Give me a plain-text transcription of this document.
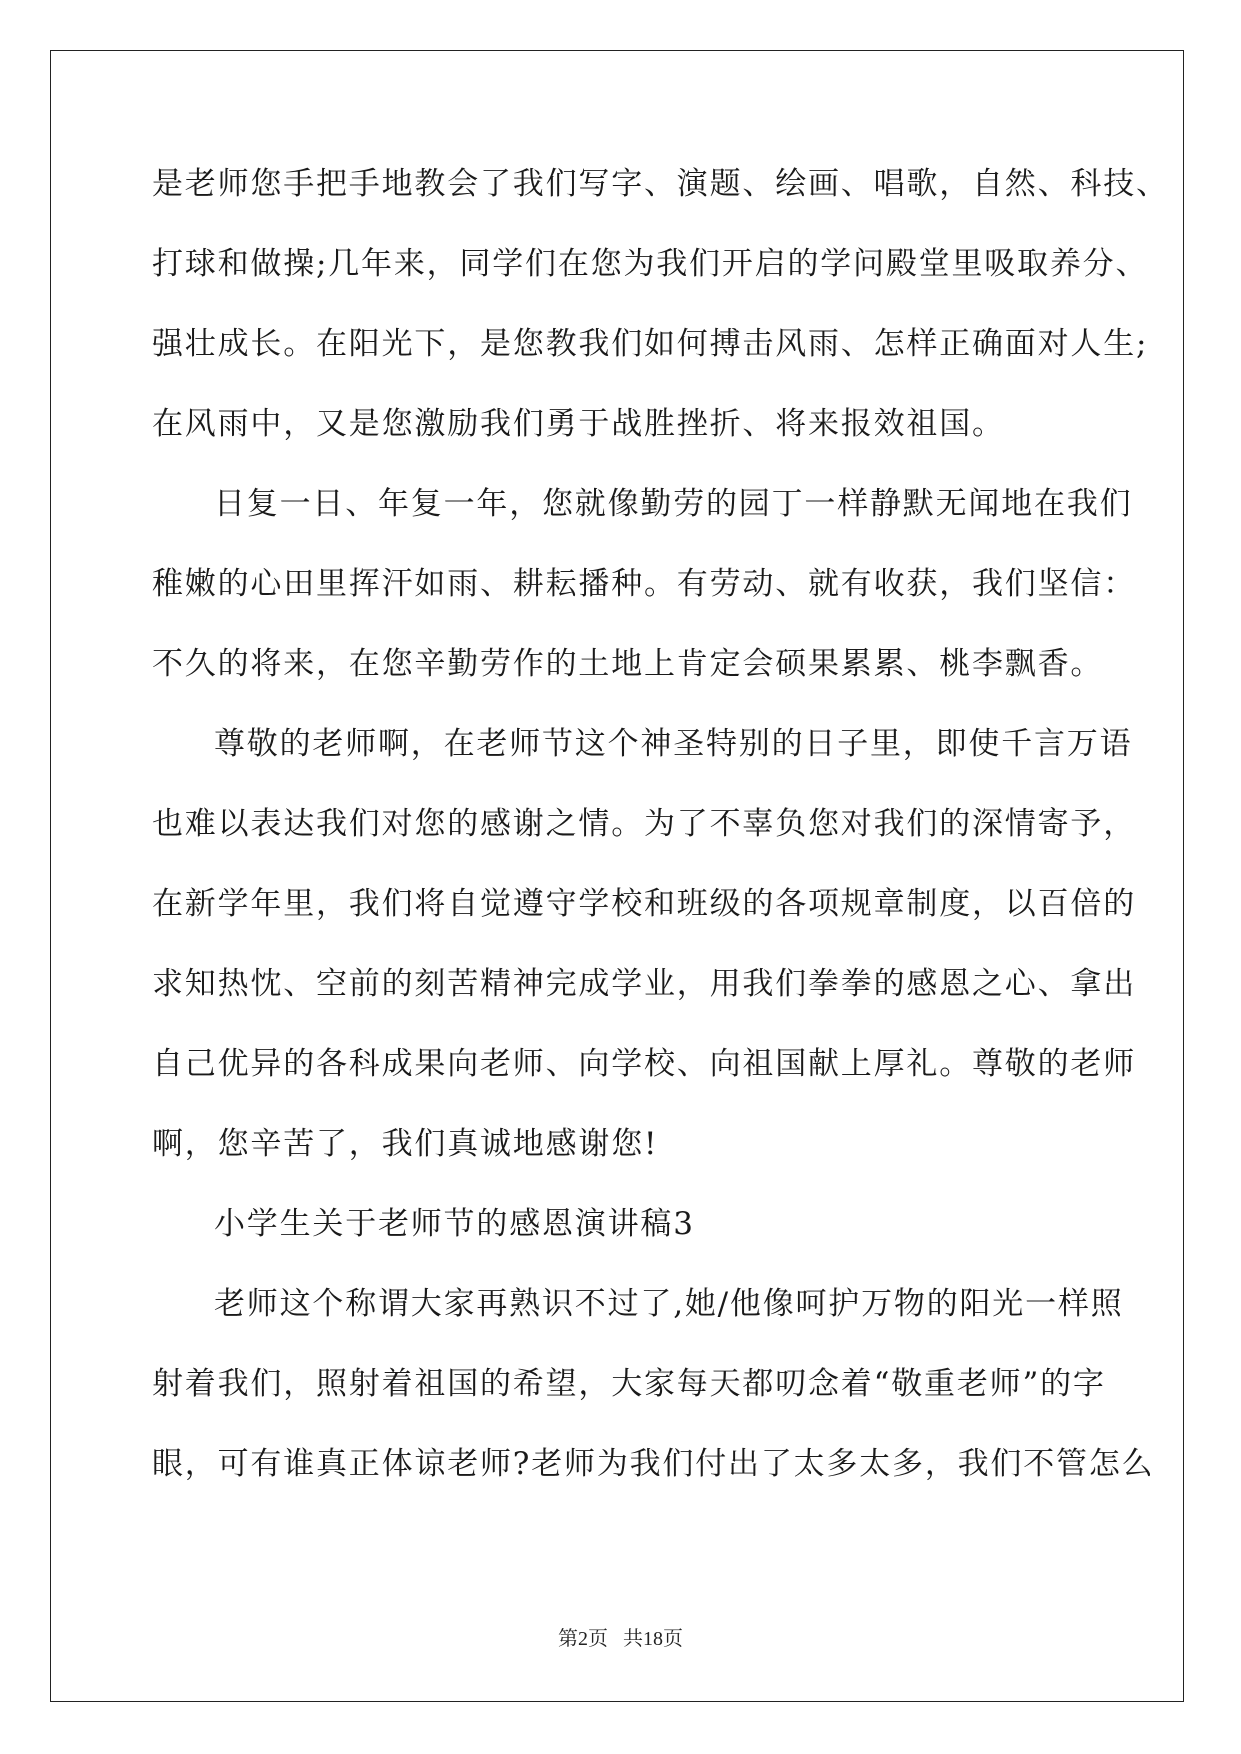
是老师您手把手地教会了我们写字、演题、绘画、唱歌，自然、科技、
打球和做操;几年来，同学们在您为我们开启的学问殿堂里吸取养分、
强壮成长。在阳光下，是您教我们如何搏击风雨、怎样正确面对人生;
在风雨中，又是您激励我们勇于战胜挫折、将来报效祖国。
日复一日、年复一年，您就像勤劳的园丁一样静默无闻地在我们
稚嫩的心田里挥汗如雨、耕耘播种。有劳动、就有收获，我们坚信：
不久的将来，在您辛勤劳作的土地上肯定会硕果累累、桃李飘香。
尊敬的老师啊，在老师节这个神圣特别的日子里，即使千言万语
也难以表达我们对您的感谢之情。为了不辜负您对我们的深情寄予，
在新学年里，我们将自觉遵守学校和班级的各项规章制度，以百倍的
求知热忱、空前的刻苦精神完成学业，用我们拳拳的感恩之心、拿出
自己优异的各科成果向老师、向学校、向祖国献上厚礼。尊敬的老师
啊，您辛苦了，我们真诚地感谢您!
小学生关于老师节的感恩演讲稿3
老师这个称谓大家再熟识不过了,她/他像呵护万物的阳光一样照
射着我们，照射着祖国的希望，大家每天都叨念着“敬重老师”的字
眼，可有谁真正体谅老师?老师为我们付出了太多太多，我们不管怎么
第2页   共18页
